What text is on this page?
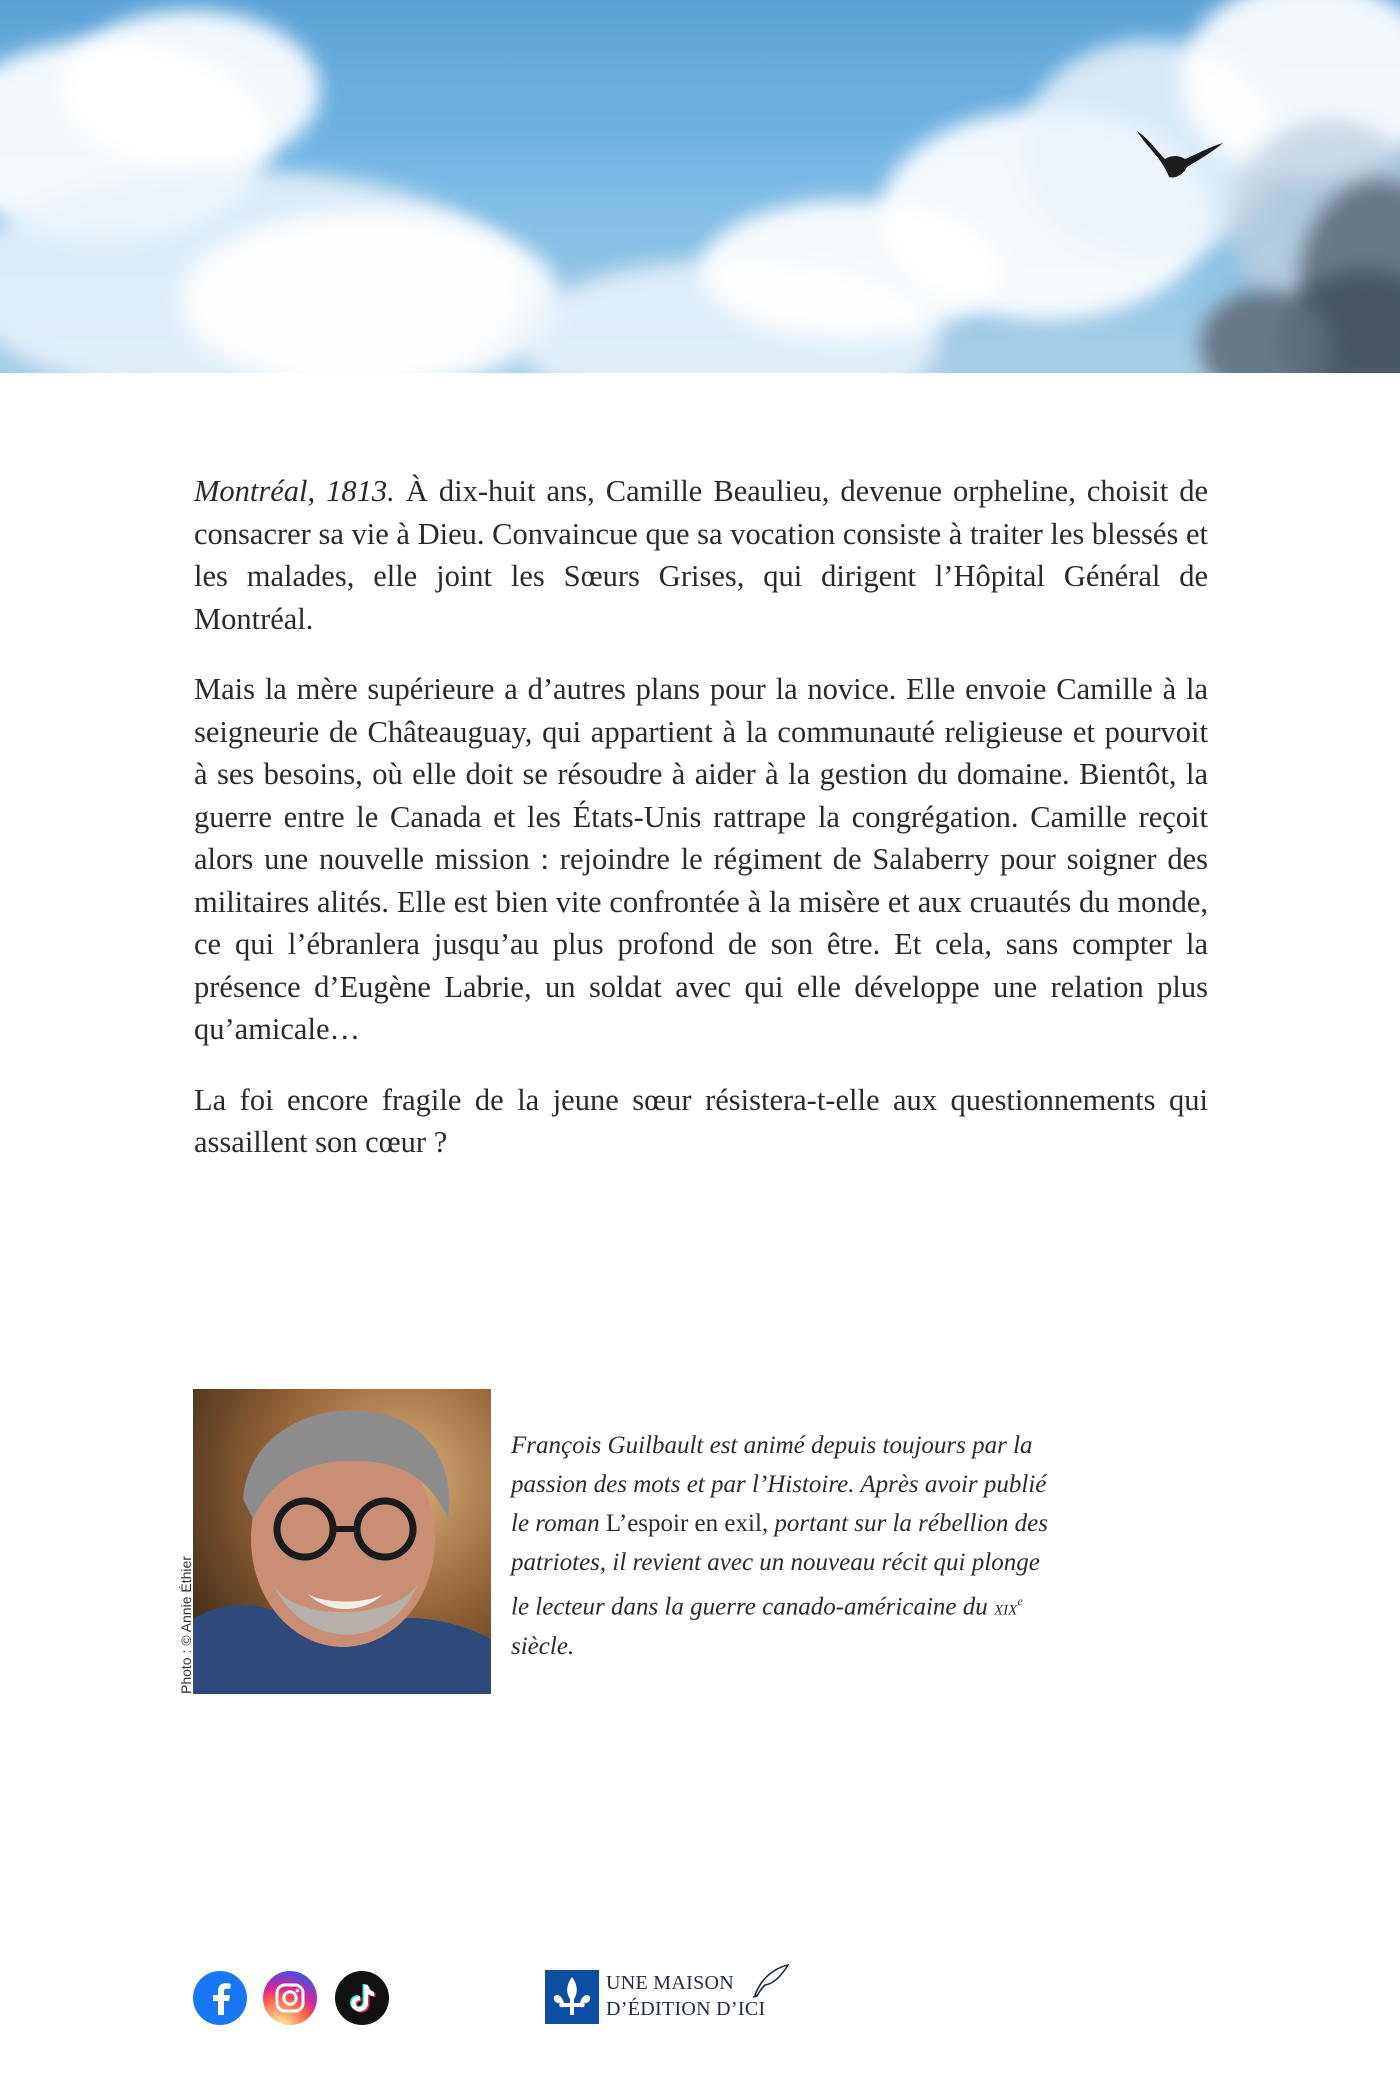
Montréal, 1813. À dix-huit ans, Camille Beaulieu, devenue orpheline, choisit de consacrer sa vie à Dieu. Convaincue que sa vocation consiste à traiter les blessés et les malades, elle joint les Sœurs Grises, qui dirigent l’Hôpital Général de Montréal.

Mais la mère supérieure a d’autres plans pour la novice. Elle envoie Camille à la seigneurie de Châteauguay, qui appartient à la communauté religieuse et pourvoit à ses besoins, où elle doit se résoudre à aider à la gestion du domaine. Bientôt, la guerre entre le Canada et les États-Unis rattrape la congrégation. Camille reçoit alors une nouvelle mission : rejoindre le régiment de Salaberry pour soigner des militaires alités. Elle est bien vite confrontée à la misère et aux cruautés du monde, ce qui l’ébranlera jusqu’au plus profond de son être. Et cela, sans compter la présence d’Eugène Labrie, un soldat avec qui elle développe une relation plus qu’amicale…

La foi encore fragile de la jeune sœur résistera-t-elle aux questionnements qui assaillent son cœur ?

Photo : © Annie Éthier
François Guilbault est animé depuis toujours par la passion des mots et par l’Histoire. Après avoir publié le roman L’espoir en exil, portant sur la rébellion des patriotes, il revient avec un nouveau récit qui plonge le lecteur dans la guerre canado-américaine du xix$^e$ siècle.
UNE MAISON
D’ÉDITION D’ICI
